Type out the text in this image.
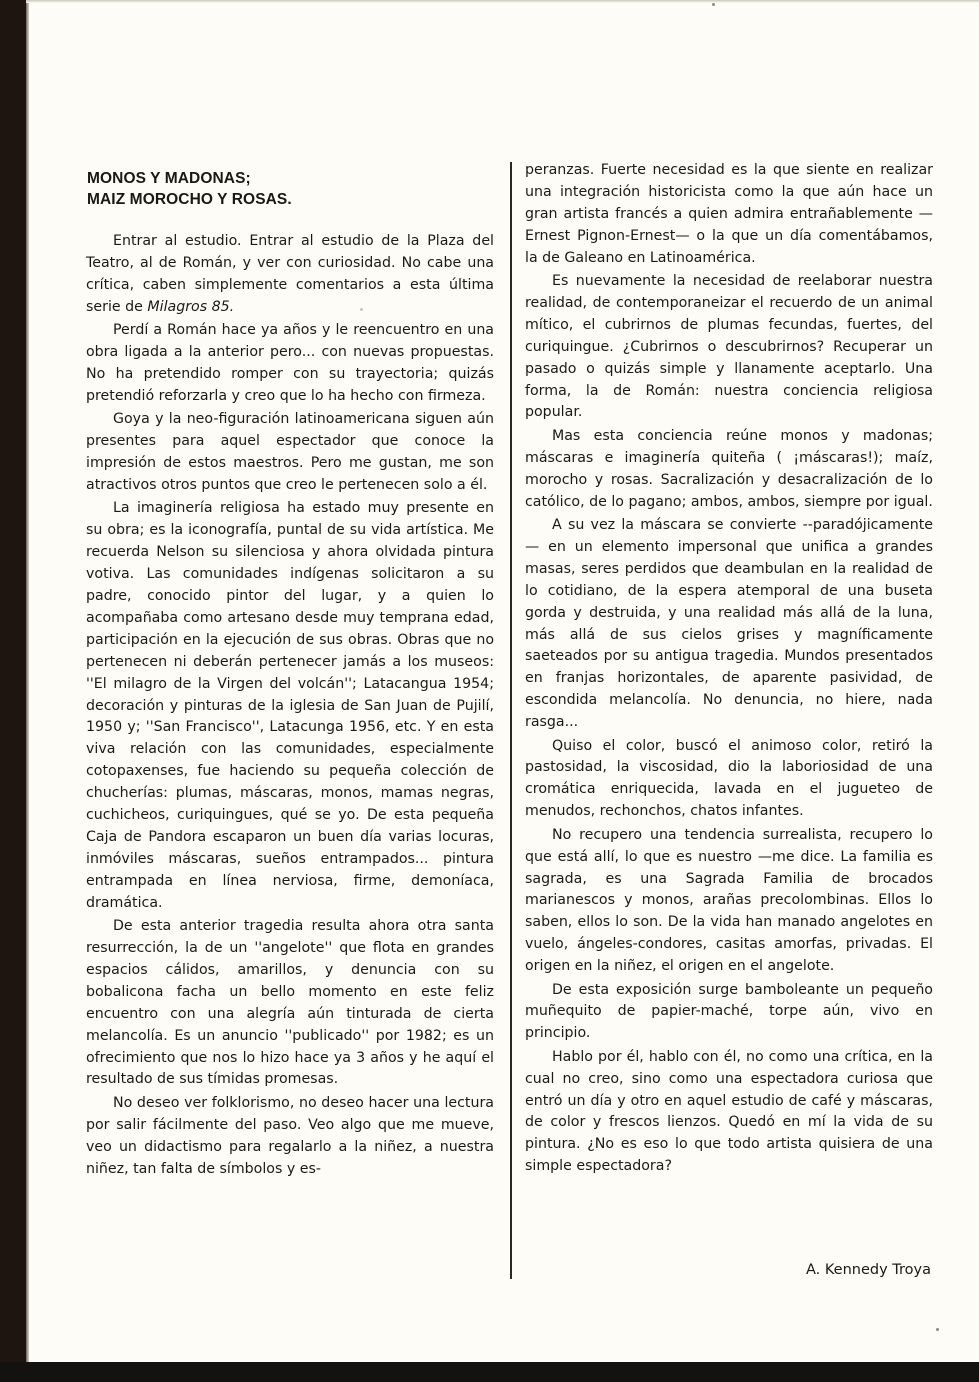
MONOS Y MADONAS;
MAIZ MOROCHO Y ROSAS.

Entrar al estudio. Entrar al estudio de la Plaza del Teatro, al de Román, y ver con curiosidad. No cabe una crítica, caben simplemente comentarios a esta última serie de Milagros 85.

Perdí a Román hace ya años y le reencuentro en una obra ligada a la anterior pero... con nuevas propuestas. No ha pretendido romper con su trayectoria; quizás pretendió reforzarla y creo que lo ha hecho con firmeza.

Goya y la neo-figuración latinoamericana siguen aún presentes para aquel espectador que conoce la impresión de estos maestros. Pero me gustan, me son atractivos otros puntos que creo le pertenecen solo a él.

La imaginería religiosa ha estado muy presente en su obra; es la iconografía, puntal de su vida artística. Me recuerda Nelson su silenciosa y ahora olvidada pintura votiva. Las comunidades indígenas solicitaron a su padre, conocido pintor del lugar, y a quien lo acompañaba como artesano desde muy temprana edad, participación en la ejecución de sus obras. Obras que no pertenecen ni deberán pertenecer jamás a los museos: ''El milagro de la Virgen del volcán''; Latacangua 1954; decoración y pinturas de la iglesia de San Juan de Pujilí, 1950 y; ''San Francisco'', Latacunga 1956, etc. Y en esta viva relación con las comunidades, especialmente cotopaxenses, fue haciendo su pequeña colección de chucherías: plumas, máscaras, monos, mamas negras, cuchicheos, curiquingues, qué se yo. De esta pequeña Caja de Pandora escaparon un buen día varias locuras, inmóviles máscaras, sueños entrampados... pintura entrampada en línea nerviosa, firme, demoníaca, dramática.

De esta anterior tragedia resulta ahora otra santa resurrección, la de un ''angelote'' que flota en grandes espacios cálidos, amarillos, y denuncia con su bobalicona facha un bello momento en este feliz encuentro con una alegría aún tinturada de cierta melancolía. Es un anuncio ''publicado'' por 1982; es un ofrecimiento que nos lo hizo hace ya 3 años y he aquí el resultado de sus tímidas promesas.

No deseo ver folklorismo, no deseo hacer una lectura por salir fácilmente del paso. Veo algo que me mueve, veo un didactismo para regalarlo a la niñez, a nuestra niñez, tan falta de símbolos y es-

peranzas. Fuerte necesidad es la que siente en realizar una integración historicista como la que aún hace un gran artista francés a quien admira entrañablemente —Ernest Pignon-Ernest— o la que un día comentábamos, la de Galeano en Latinoamérica.

Es nuevamente la necesidad de reelaborar nuestra realidad, de contemporaneizar el recuerdo de un animal mítico, el cubrirnos de plumas fecundas, fuertes, del curiquingue. ¿Cubrirnos o descubrirnos? Recuperar un pasado o quizás simple y llanamente aceptarlo. Una forma, la de Román: nuestra conciencia religiosa popular.

Mas esta conciencia reúne monos y madonas; máscaras e imaginería quiteña ( ¡máscaras!); maíz, morocho y rosas. Sacralización y desacralización de lo católico, de lo pagano; ambos, ambos, siempre por igual.

A su vez la máscara se convierte --paradójicamente— en un elemento impersonal que unifica a grandes masas, seres perdidos que deambulan en la realidad de lo cotidiano, de la espera atemporal de una buseta gorda y destruida, y una realidad más allá de la luna, más allá de sus cielos grises y magníficamente saeteados por su antigua tragedia. Mundos presentados en franjas horizontales, de aparente pasividad, de escondida melancolía. No denuncia, no hiere, nada rasga...

Quiso el color, buscó el animoso color, retiró la pastosidad, la viscosidad, dio la laboriosidad de una cromática enriquecida, lavada en el jugueteo de menudos, rechonchos, chatos infantes.

No recupero una tendencia surrealista, recupero lo que está allí, lo que es nuestro —me dice. La familia es sagrada, es una Sagrada Familia de brocados marianescos y monos, arañas precolombinas. Ellos lo saben, ellos lo son. De la vida han manado angelotes en vuelo, ángeles-condores, casitas amorfas, privadas. El origen en la niñez, el origen en el angelote.

De esta exposición surge bamboleante un pequeño muñequito de papier-maché, torpe aún, vivo en principio.

Hablo por él, hablo con él, no como una crítica, en la cual no creo, sino como una espectadora curiosa que entró un día y otro en aquel estudio de café y máscaras, de color y frescos lienzos. Quedó en mí la vida de su pintura. ¿No es eso lo que todo artista quisiera de una simple espectadora?

A. Kennedy Troya
